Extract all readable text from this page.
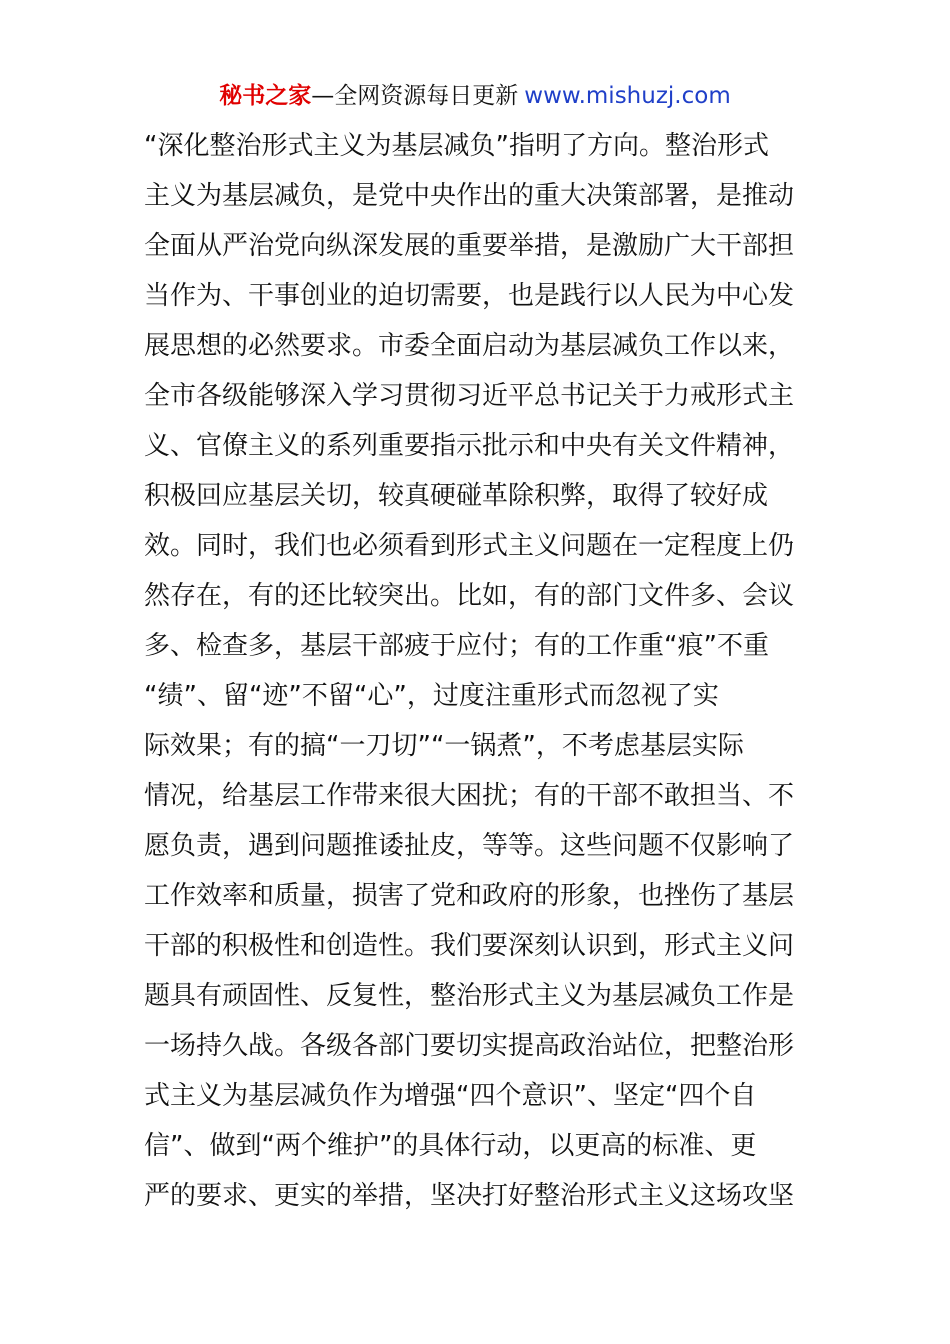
秘书之家—全网资源每日更新 www.mishuzj.com
“深化整治形式主义为基层减负”指明了方向。整治形式
主义为基层减负，是党中央作出的重大决策部署，是推动
全面从严治党向纵深发展的重要举措，是激励广大干部担
当作为、干事创业的迫切需要，也是践行以人民为中心发
展思想的必然要求。市委全面启动为基层减负工作以来，
全市各级能够深入学习贯彻习近平总书记关于力戒形式主
义、官僚主义的系列重要指示批示和中央有关文件精神，
积极回应基层关切，较真硬碰革除积弊，取得了较好成
效。同时，我们也必须看到形式主义问题在一定程度上仍
然存在，有的还比较突出。比如，有的部门文件多、会议
多、检查多，基层干部疲于应付；有的工作重“痕”不重
“绩”、留“迹”不留“心”，过度注重形式而忽视了实
际效果；有的搞“一刀切”“一锅煮”，不考虑基层实际
情况，给基层工作带来很大困扰；有的干部不敢担当、不
愿负责，遇到问题推诿扯皮，等等。这些问题不仅影响了
工作效率和质量，损害了党和政府的形象，也挫伤了基层
干部的积极性和创造性。我们要深刻认识到，形式主义问
题具有顽固性、反复性，整治形式主义为基层减负工作是
一场持久战。各级各部门要切实提高政治站位，把整治形
式主义为基层减负作为增强“四个意识”、坚定“四个自
信”、做到“两个维护”的具体行动，以更高的标准、更
严的要求、更实的举措，坚决打好整治形式主义这场攻坚
